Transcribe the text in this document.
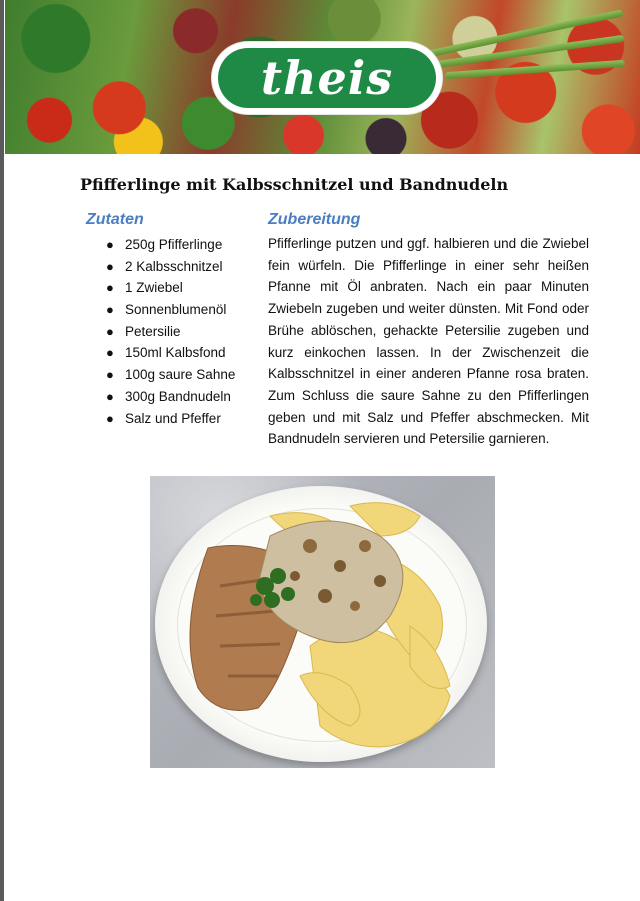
theis
Pfifferlinge mit Kalbsschnitzel und Bandnudeln
Zutaten	Zubereitung
● 250g Pfifferlinge
● 2 Kalbsschnitzel
● 1 Zwiebel
● Sonnenblumenöl
● Petersilie
● 150ml Kalbsfond
● 100g saure Sahne
● 300g Bandnudeln
● Salz und Pfeffer

Pfifferlinge putzen und ggf. halbieren und die Zwiebel fein würfeln. Die Pfifferlinge in einer sehr heißen Pfanne mit Öl anbraten. Nach ein paar Minuten Zwiebeln zugeben und weiter dünsten. Mit Fond oder Brühe ablöschen, gehackte Petersilie zugeben und kurz einkochen lassen. In der Zwischenzeit die Kalbsschnitzel in einer anderen Pfanne rosa braten. Zum Schluss die saure Sahne zu den Pfifferlingen geben und mit Salz und Pfeffer abschmecken. Mit Bandnudeln servieren und Petersilie garnieren.
